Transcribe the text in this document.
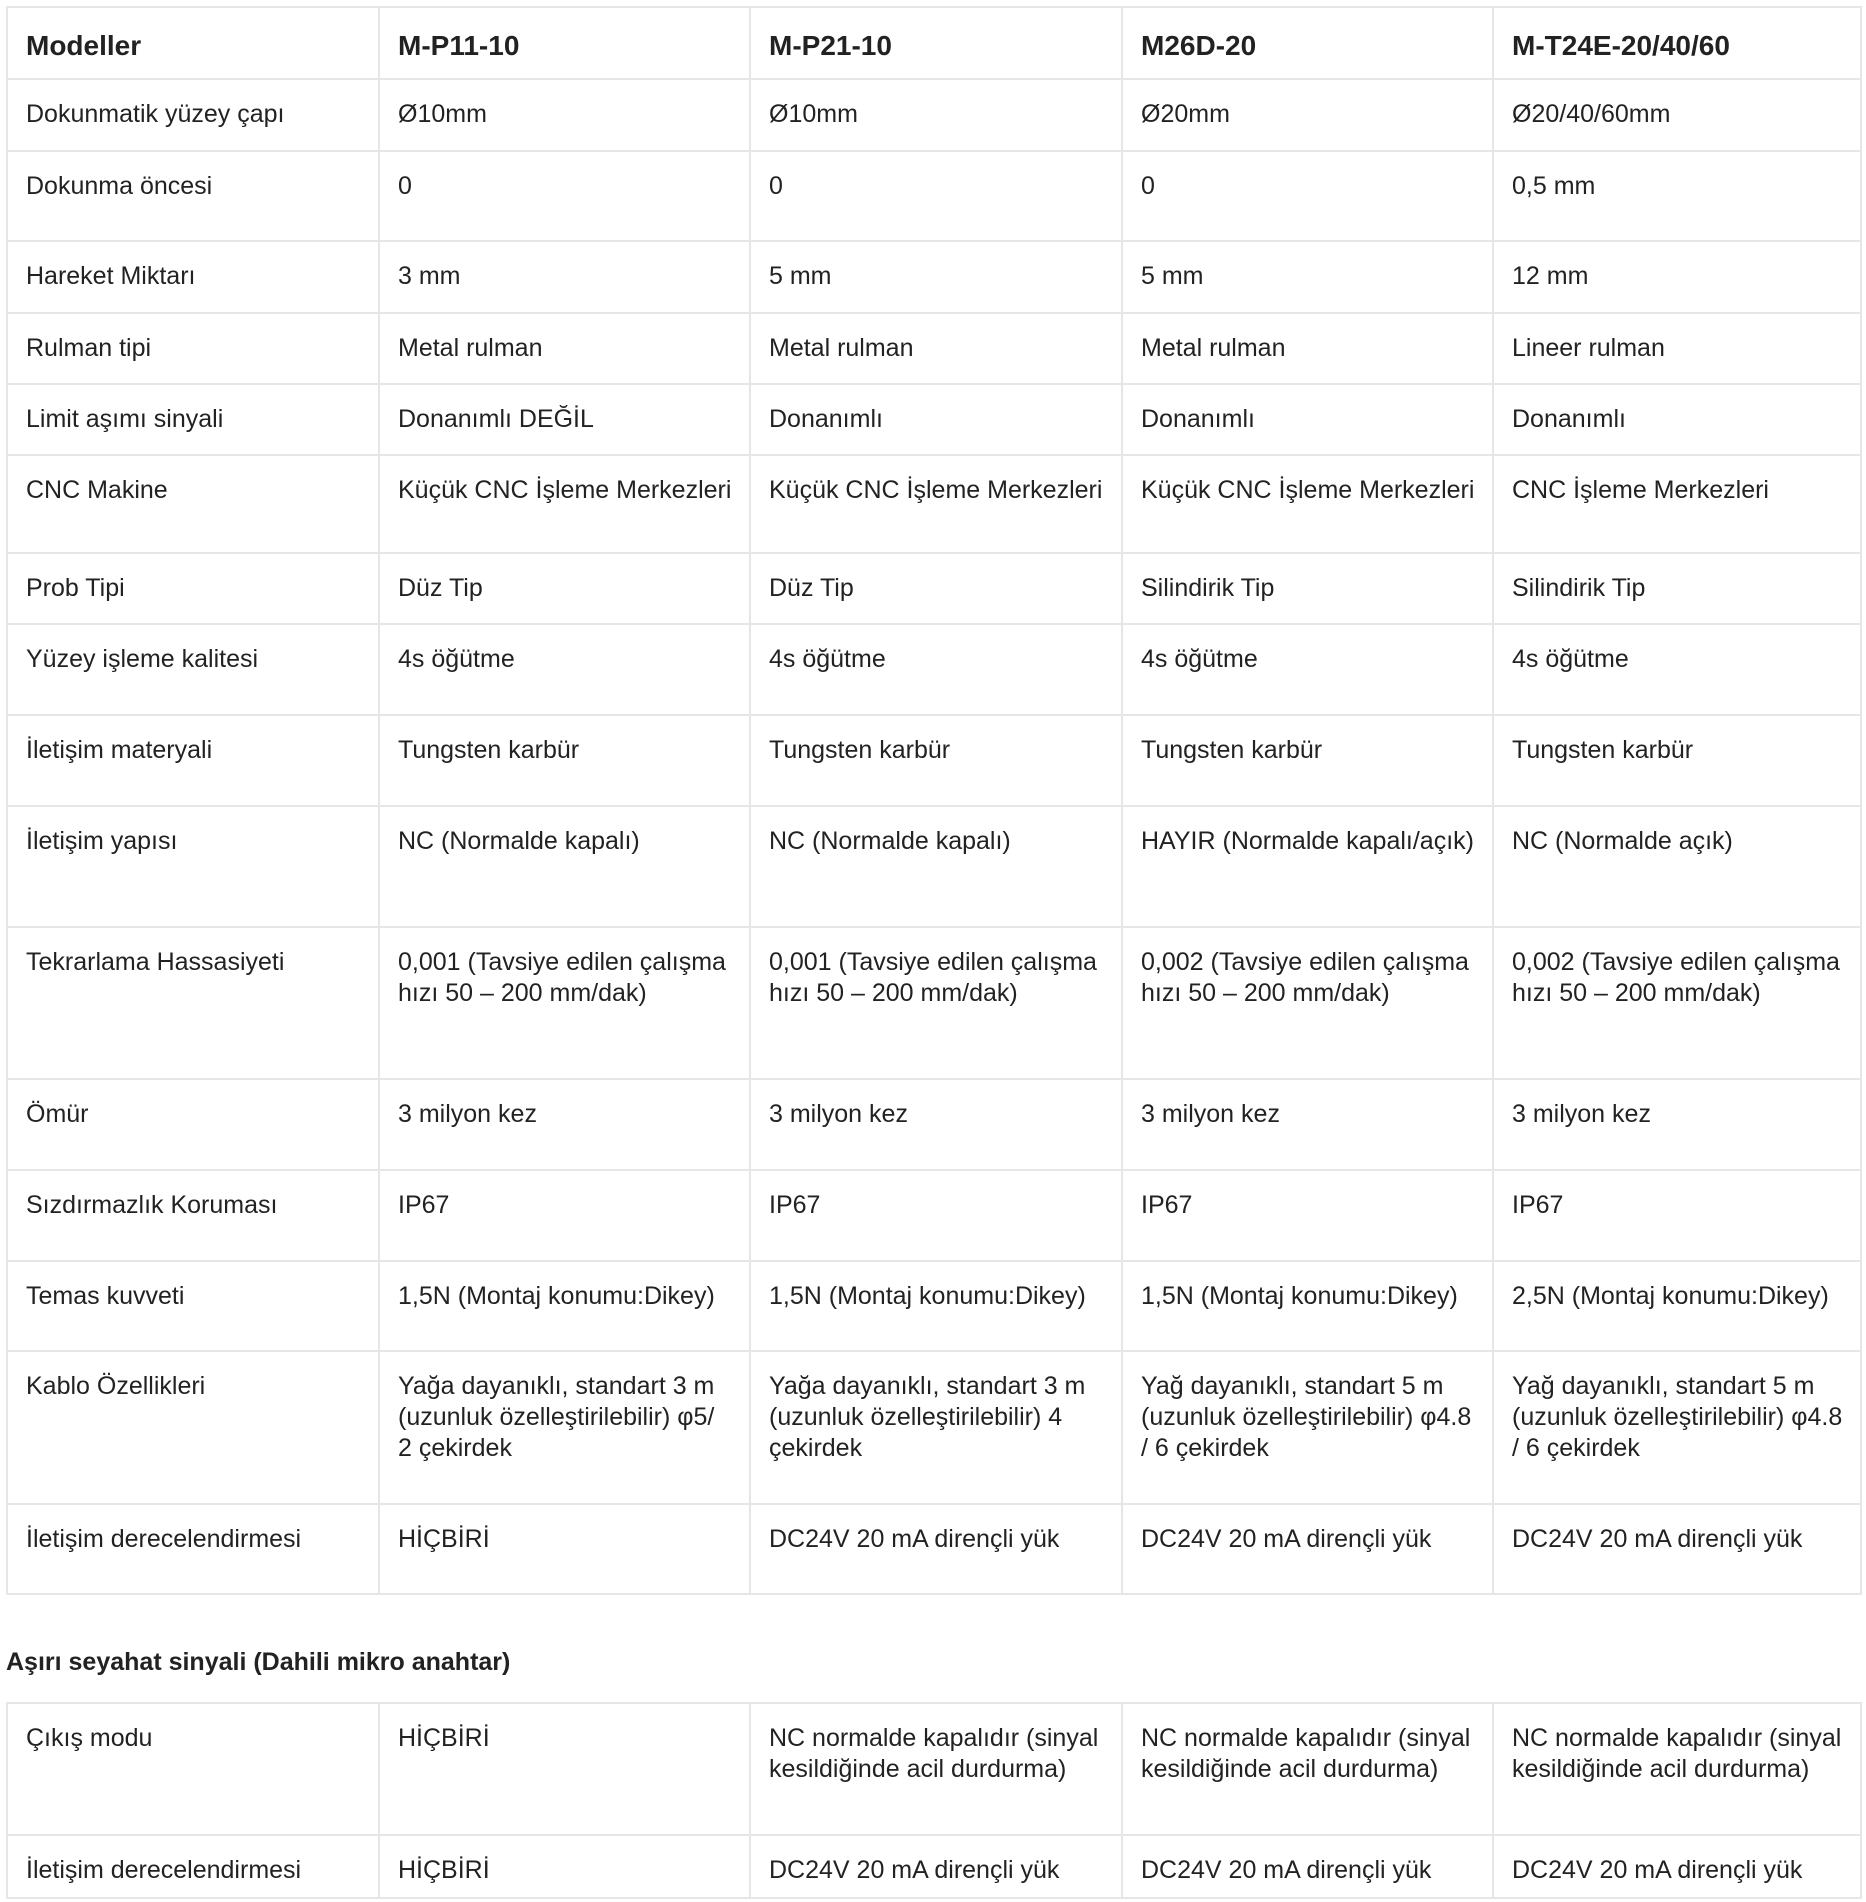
Modeller	M-P11-10	M-P21-10	M26D-20	M-T24E-20/40/60
Dokunmatik yüzey çapı	Ø10mm	Ø10mm	Ø20mm	Ø20/40/60mm
Dokunma öncesi	0	0	0	0,5 mm
Hareket Miktarı	3 mm	5 mm	5 mm	12 mm
Rulman tipi	Metal rulman	Metal rulman	Metal rulman	Lineer rulman
Limit aşımı sinyali	Donanımlı DEĞİL	Donanımlı	Donanımlı	Donanımlı
CNC Makine	Küçük CNC İşleme Merkezleri	Küçük CNC İşleme Merkezleri	Küçük CNC İşleme Merkezleri	CNC İşleme Merkezleri
Prob Tipi	Düz Tip	Düz Tip	Silindirik Tip	Silindirik Tip
Yüzey işleme kalitesi	4s öğütme	4s öğütme	4s öğütme	4s öğütme
İletişim materyali	Tungsten karbür	Tungsten karbür	Tungsten karbür	Tungsten karbür
İletişim yapısı	NC (Normalde kapalı)	NC (Normalde kapalı)	HAYIR (Normalde kapalı/açık)	NC (Normalde açık)
Tekrarlama Hassasiyeti	0,001 (Tavsiye edilen çalışma hızı 50 – 200 mm/dak)	0,001 (Tavsiye edilen çalışma hızı 50 – 200 mm/dak)	0,002 (Tavsiye edilen çalışma hızı 50 – 200 mm/dak)	0,002 (Tavsiye edilen çalışma hızı 50 – 200 mm/dak)
Ömür	3 milyon kez	3 milyon kez	3 milyon kez	3 milyon kez
Sızdırmazlık Koruması	IP67	IP67	IP67	IP67
Temas kuvveti	1,5N (Montaj konumu:Dikey)	1,5N (Montaj konumu:Dikey)	1,5N (Montaj konumu:Dikey)	2,5N (Montaj konumu:Dikey)
Kablo Özellikleri	Yağa dayanıklı, standart 3 m (uzunluk özelleştirilebilir) φ5/ 2 çekirdek	Yağa dayanıklı, standart 3 m (uzunluk özelleştirilebilir) 4 çekirdek	Yağ dayanıklı, standart 5 m (uzunluk özelleştirilebilir) φ4.8 / 6 çekirdek	Yağ dayanıklı, standart 5 m (uzunluk özelleştirilebilir) φ4.8 / 6 çekirdek
İletişim derecelendirmesi	HİÇBİRİ	DC24V 20 mA dirençli yük	DC24V 20 mA dirençli yük	DC24V 20 mA dirençli yük
Aşırı seyahat sinyali (Dahili mikro anahtar)
Çıkış modu	HİÇBİRİ	NC normalde kapalıdır (sinyal kesildiğinde acil durdurma)	NC normalde kapalıdır (sinyal kesildiğinde acil durdurma)	NC normalde kapalıdır (sinyal kesildiğinde acil durdurma)
İletişim derecelendirmesi	HİÇBİRİ	DC24V 20 mA dirençli yük	DC24V 20 mA dirençli yük	DC24V 20 mA dirençli yük
